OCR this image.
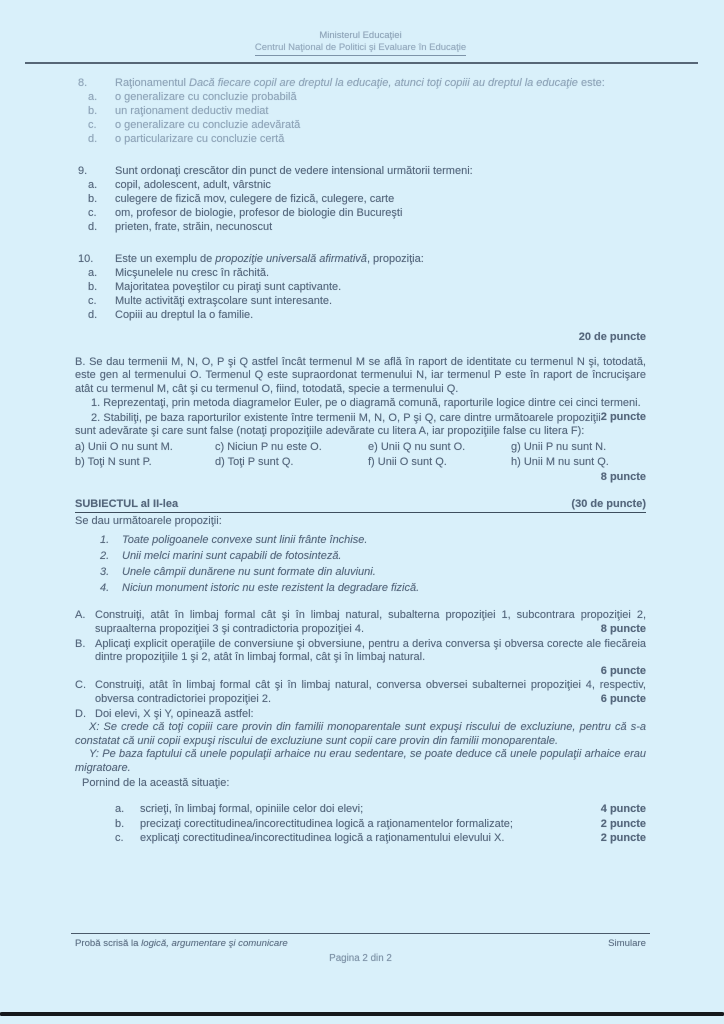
Ministerul Educaţiei
Centrul Naţional de Politici şi Evaluare în Educaţie
8.	Raţionamentul Dacă fiecare copil are dreptul la educaţie, atunci toţi copiii au dreptul la educaţie este:
a.	o generalizare cu concluzie probabilă
b.	un raţionament deductiv mediat
c.	o generalizare cu concluzie adevărată
d.	o particularizare cu concluzie certă
9.	Sunt ordonaţi crescător din punct de vedere intensional următorii termeni:
a.	copil, adolescent, adult, vârstnic
b.	culegere de fizică mov, culegere de fizică, culegere, carte
c.	om, profesor de biologie, profesor de biologie din Bucureşti
d.	prieten, frate, străin, necunoscut
10.	Este un exemplu de propoziţie universală afirmativă, propoziţia:
a.	Micşunelele nu cresc în răchită.
b.	Majoritatea poveştilor cu piraţi sunt captivante.
c.	Multe activităţi extraşcolare sunt interesante.
d.	Copiii au dreptul la o familie.
20 de puncte
B. Se dau termenii M, N, O, P şi Q astfel încât termenul M se află în raport de identitate cu termenul N şi, totodată, este gen al termenului O. Termenul Q este supraordonat termenului N, iar termenul P este în raport de încrucişare atât cu termenul M, cât şi cu termenul O, fiind, totodată, specie a termenului Q.
1. Reprezentaţi, prin metoda diagramelor Euler, pe o diagramă comună, raporturile logice dintre cei cinci termeni.
2 puncte
2. Stabiliţi, pe baza raporturilor existente între termenii M, N, O, P şi Q, care dintre următoarele propoziţii sunt adevărate şi care sunt false (notaţi propoziţiile adevărate cu litera A, iar propoziţiile false cu litera F):
a) Unii O nu sunt M.	c) Niciun P nu este O.	e) Unii Q nu sunt O.	g) Unii P nu sunt N.
b) Toţi N sunt P.	d) Toţi P sunt Q.	f) Unii O sunt Q.	h) Unii M nu sunt Q.
8 puncte
SUBIECTUL al II-lea	(30 de puncte)
Se dau următoarele propoziţii:
1.	Toate poligoanele convexe sunt linii frânte închise.
2.	Unii melci marini sunt capabili de fotosinteză.
3.	Unele câmpii dunărene nu sunt formate din aluviuni.
4.	Niciun monument istoric nu este rezistent la degradare fizică.
A. Construiţi, atât în limbaj formal cât şi în limbaj natural, subalterna propoziţiei 1, subcontrara propoziţiei 2, supraalterna propoziţiei 3 şi contradictoria propoziţiei 4.	8 puncte
B. Aplicaţi explicit operaţiile de conversiune şi obversiune, pentru a deriva conversa şi obversa corecte ale fiecăreia dintre propoziţiile 1 şi 2, atât în limbaj formal, cât şi în limbaj natural.
6 puncte
C. Construiţi, atât în limbaj formal cât şi în limbaj natural, conversa obversei subalternei propoziţiei 4, respectiv, obversa contradictoriei propoziţiei 2.	6 puncte
D. Doi elevi, X şi Y, opinează astfel:
X: Se crede că toţi copiii care provin din familii monoparentale sunt expuşi riscului de excluziune, pentru că s-a constatat că unii copii expuşi riscului de excluziune sunt copii care provin din familii monoparentale.
Y: Pe baza faptului că unele populaţii arhaice nu erau sedentare, se poate deduce că unele populaţii arhaice erau migratoare.
Pornind de la această situaţie:
a.	scrieţi, în limbaj formal, opiniile celor doi elevi;	4 puncte
b.	precizaţi corectitudinea/incorectitudinea logică a raţionamentelor formalizate;	2 puncte
c.	explicaţi corectitudinea/incorectitudinea logică a raţionamentului elevului X.	2 puncte
Probă scrisă la logică, argumentare şi comunicare	Simulare
Pagina 2 din 2
